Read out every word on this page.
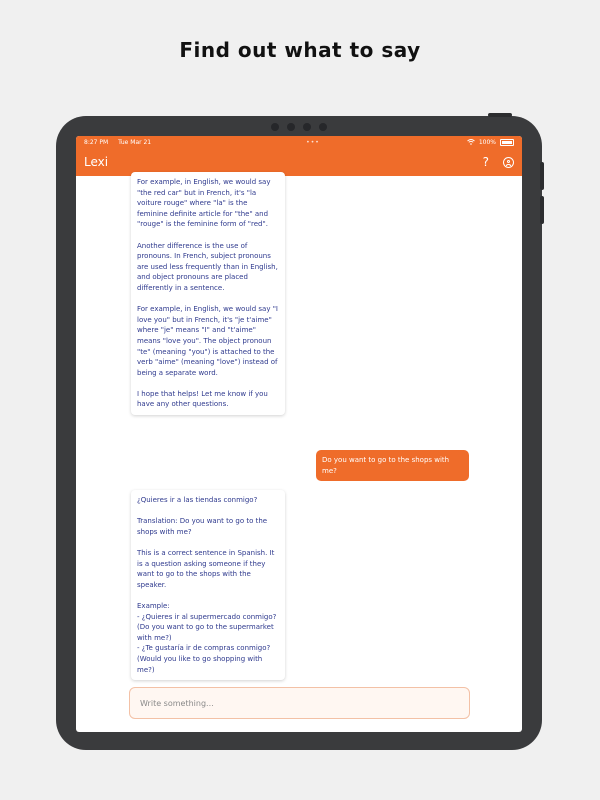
Find out what to say
8:27 PM Tue Mar 21	•••	100%
Lexi	?
For example, in English, we would say "the red car" but in French, it's "la voiture rouge" where "la" is the feminine definite article for "the" and "rouge" is the feminine form of "red".

Another difference is the use of pronouns. In French, subject pronouns are used less frequently than in English, and object pronouns are placed differently in a sentence.

For example, in English, we would say "I love you" but in French, it's "je t'aime" where "je" means "I" and "t'aime" means "love you". The object pronoun "te" (meaning "you") is attached to the verb "aime" (meaning "love") instead of being a separate word.

I hope that helps! Let me know if you have any other questions.
Do you want to go to the shops with me?
¿Quieres ir a las tiendas conmigo?

Translation: Do you want to go to the shops with me?

This is a correct sentence in Spanish. It is a question asking someone if they want to go to the shops with the speaker.

Example:
- ¿Quieres ir al supermercado conmigo? (Do you want to go to the supermarket with me?)
- ¿Te gustaría ir de compras conmigo? (Would you like to go shopping with me?)
Write something...
